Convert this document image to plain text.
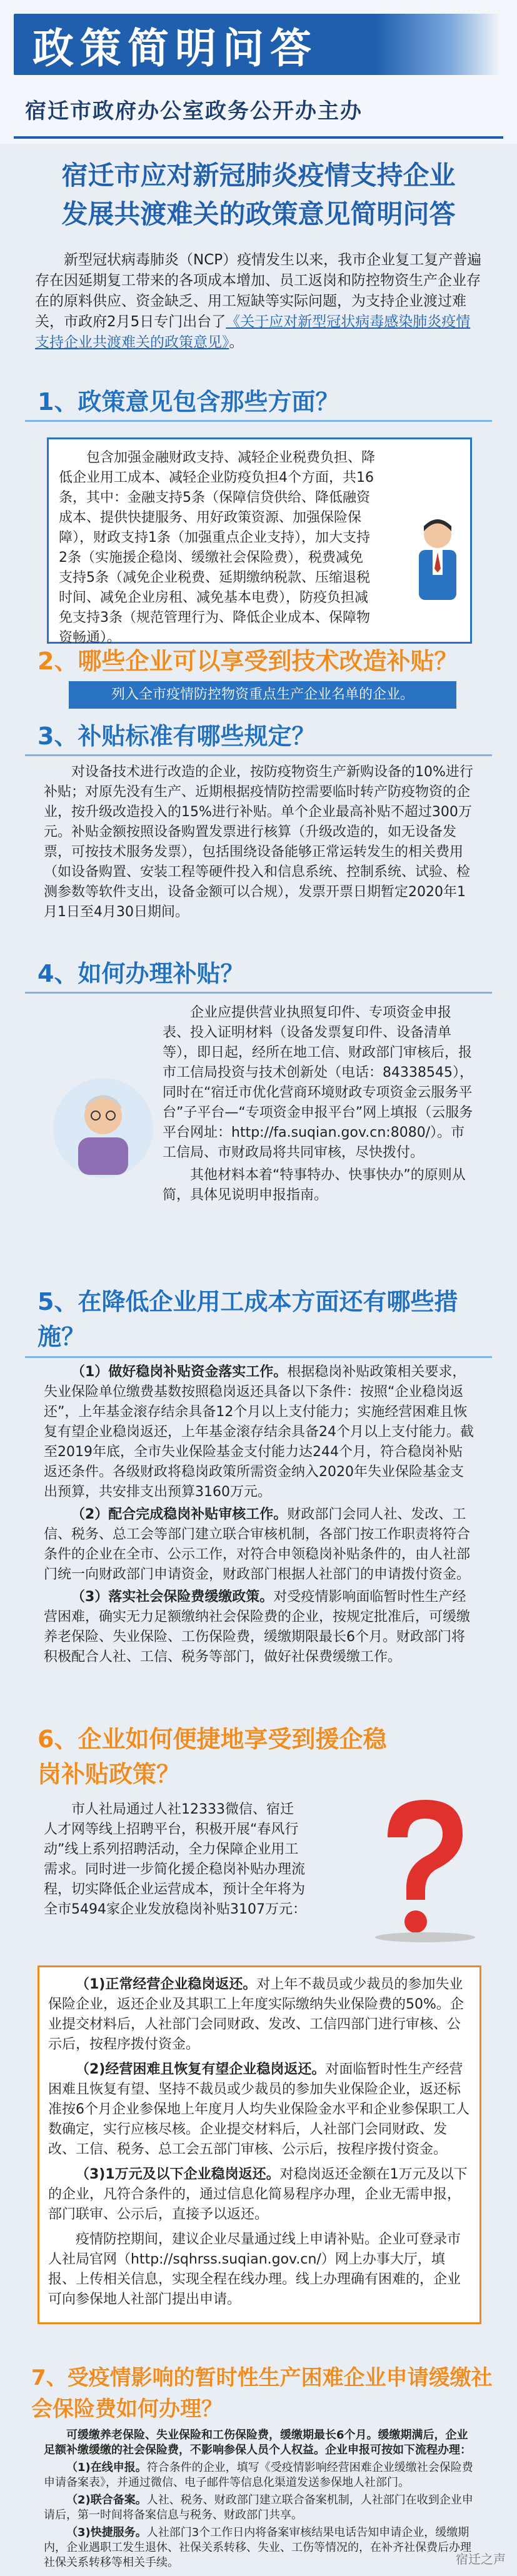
政策简明问答
宿迁市政府办公室政务公开办主办
宿迁市应对新冠肺炎疫情支持企业
发展共渡难关的政策意见简明问答
新型冠状病毒肺炎（NCP）疫情发生以来，我市企业复工复产普遍存在因延期复工带来的各项成本增加、员工返岗和防控物资生产企业存在的原料供应、资金缺乏、用工短缺等实际问题，为支持企业渡过难关，市政府2月5日专门出台了《关于应对新型冠状病毒感染肺炎疫情支持企业共渡难关的政策意见》。
1、政策意见包含那些方面？

包含加强金融财政支持、减轻企业税费负担、降低企业用工成本、减轻企业防疫负担4个方面，共16条，其中：金融支持5条（保障信贷供给、降低融资成本、提供快捷服务、用好政策资源、加强保险保障），财政支持1条（加强重点企业支持），加大支持2条（实施援企稳岗、缓缴社会保险费），税费减免支持5条（减免企业税费、延期缴纳税款、压缩退税时间、减免企业房租、减免基本电费），防疫负担减免支持3条（规范管理行为、降低企业成本、保障物资畅通）。

2、哪些企业可以享受到技术改造补贴？
列入全市疫情防控物资重点生产企业名单的企业。
3、补贴标准有哪些规定？

对设备技术进行改造的企业，按防疫物资生产新购设备的10%进行补贴；对原先没有生产、近期根据疫情防控需要临时转产防疫物资的企业，按升级改造投入的15%进行补贴。单个企业最高补贴不超过300万元。补贴金额按照设备购置发票进行核算（升级改造的，如无设备发票，可按技术服务发票），包括围绕设备能够正常运转发生的相关费用（如设备购置、安装工程等硬件投入和信息系统、控制系统、试验、检测参数等软件支出，设备金额可以合规），发票开票日期暂定2020年1月1日至4月30日期间。

4、如何办理补贴？

企业应提供营业执照复印件、专项资金申报表、投入证明材料（设备发票复印件、设备清单等），即日起，经所在地工信、财政部门审核后，报市工信局投资与技术创新处（电话：84338545），同时在“宿迁市优化营商环境财政专项资金云服务平台”子平台—“专项资金申报平台”网上填报（云服务平台网址：http://fa.suqian.gov.cn:8080/）。市工信局、市财政局将共同审核，尽快拨付。

其他材料本着“特事特办、快事快办”的原则从简，具体见说明申报指南。

5、在降低企业用工成本方面还有哪些措施？

（1）做好稳岗补贴资金落实工作。根据稳岗补贴政策相关要求，失业保险单位缴费基数按照稳岗返还具备以下条件：按照“企业稳岗返还”，上年基金滚存结余具备12个月以上支付能力；实施经营困难且恢复有望企业稳岗返还，上年基金滚存结余具备24个月以上支付能力。截至2019年底，全市失业保险基金支付能力达244个月，符合稳岗补贴返还条件。各级财政将稳岗政策所需资金纳入2020年失业保险基金支出预算，共安排支出预算3160万元。

（2）配合完成稳岗补贴审核工作。财政部门会同人社、发改、工信、税务、总工会等部门建立联合审核机制，各部门按工作职责将符合条件的企业在全市、公示工作，对符合申领稳岗补贴条件的，由人社部门统一向财政部门申请资金，财政部门根据人社部门的申请拨付资金。

（3）落实社会保险费缓缴政策。对受疫情影响面临暂时性生产经营困难，确实无力足额缴纳社会保险费的企业，按规定批准后，可缓缴养老保险、失业保险、工伤保险费，缓缴期限最长6个月。财政部门将积极配合人社、工信、税务等部门，做好社保费缓缴工作。

6、企业如何便捷地享受到援企稳岗补贴政策？

市人社局通过人社12333微信、宿迁人才网等线上招聘平台，积极开展“春风行动”线上系列招聘活动，全力保障企业用工需求。同时进一步简化援企稳岗补贴办理流程，切实降低企业运营成本，预计全年将为全市5494家企业发放稳岗补贴3107万元：

（1)正常经营企业稳岗返还。对上年不裁员或少裁员的参加失业保险企业，返还企业及其职工上年度实际缴纳失业保险费的50%。企业提交材料后，人社部门会同财政、发改、工信四部门进行审核、公示后，按程序拨付资金。

（2)经营困难且恢复有望企业稳岗返还。对面临暂时性生产经营困难且恢复有望、坚持不裁员或少裁员的参加失业保险企业，返还标准按6个月企业参保地上年度月人均失业保险金水平和企业参保职工人数确定，实行应核尽核。企业提交材料后，人社部门会同财政、发改、工信、税务、总工会五部门审核、公示后，按程序拨付资金。

（3)1万元及以下企业稳岗返还。对稳岗返还金额在1万元及以下的企业，凡符合条件的，通过信息化简易程序办理，企业无需申报，部门联审、公示后，直接予以返还。

疫情防控期间，建议企业尽量通过线上申请补贴。企业可登录市人社局官网（http://sqhrss.suqian.gov.cn/）网上办事大厅，填报、上传相关信息，实现全程在线办理。线上办理确有困难的，企业可向参保地人社部门提出申请。

7、受疫情影响的暂时性生产困难企业申请缓缴社会保险费如何办理？

可缓缴养老保险、失业保险和工伤保险费，缓缴期最长6个月。缓缴期满后，企业足额补缴缓缴的社会保险费，不影响参保人员个人权益。企业申报可按如下流程办理：

（1)在线申报。符合条件的企业，填写《受疫情影响经营困难企业缓缴社会保险费申请备案表》，并通过微信、电子邮件等信息化渠道发送参保地人社部门。

（2)联合备案。人社、税务、财政部门建立联合备案机制，人社部门在收到企业申请后，第一时间将备案信息与税务、财政部门共享。

（3)快捷服务。人社部门3个工作日内将备案审核结果电话告知申请企业，缓缴期内，企业遇职工发生退休、社保关系转移、失业、工伤等情况的，在补齐社保费后办理社保关系转移等相关手续。	宿迁之声
